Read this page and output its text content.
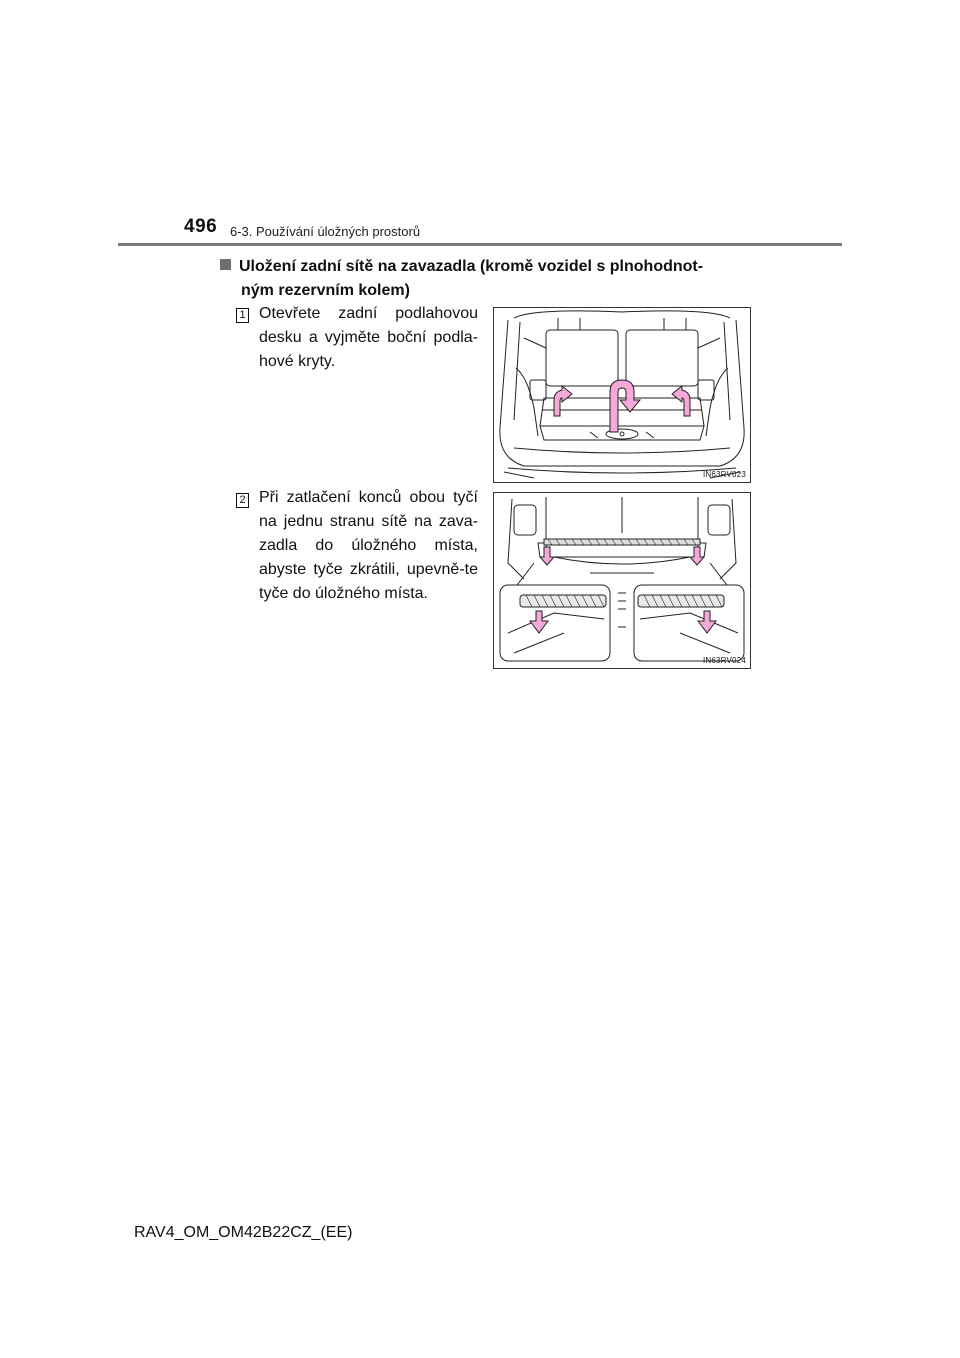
496 6-3. Používání úložných prostorů
Uložení zadní sítě na zavazadla (kromě vozidel s plnohodnot-
ným rezervním kolem)
1 Otevřete zadní podlahovou desku a vyjměte boční podla-hové kryty.
IN63RV023
2 Při zatlačení konců obou tyčí na jednu stranu sítě na zava-zadla do úložného místa, abyste tyče zkrátili, upevně-te tyče do úložného místa.
IN63RV024
RAV4_OM_OM42B22CZ_(EE)
